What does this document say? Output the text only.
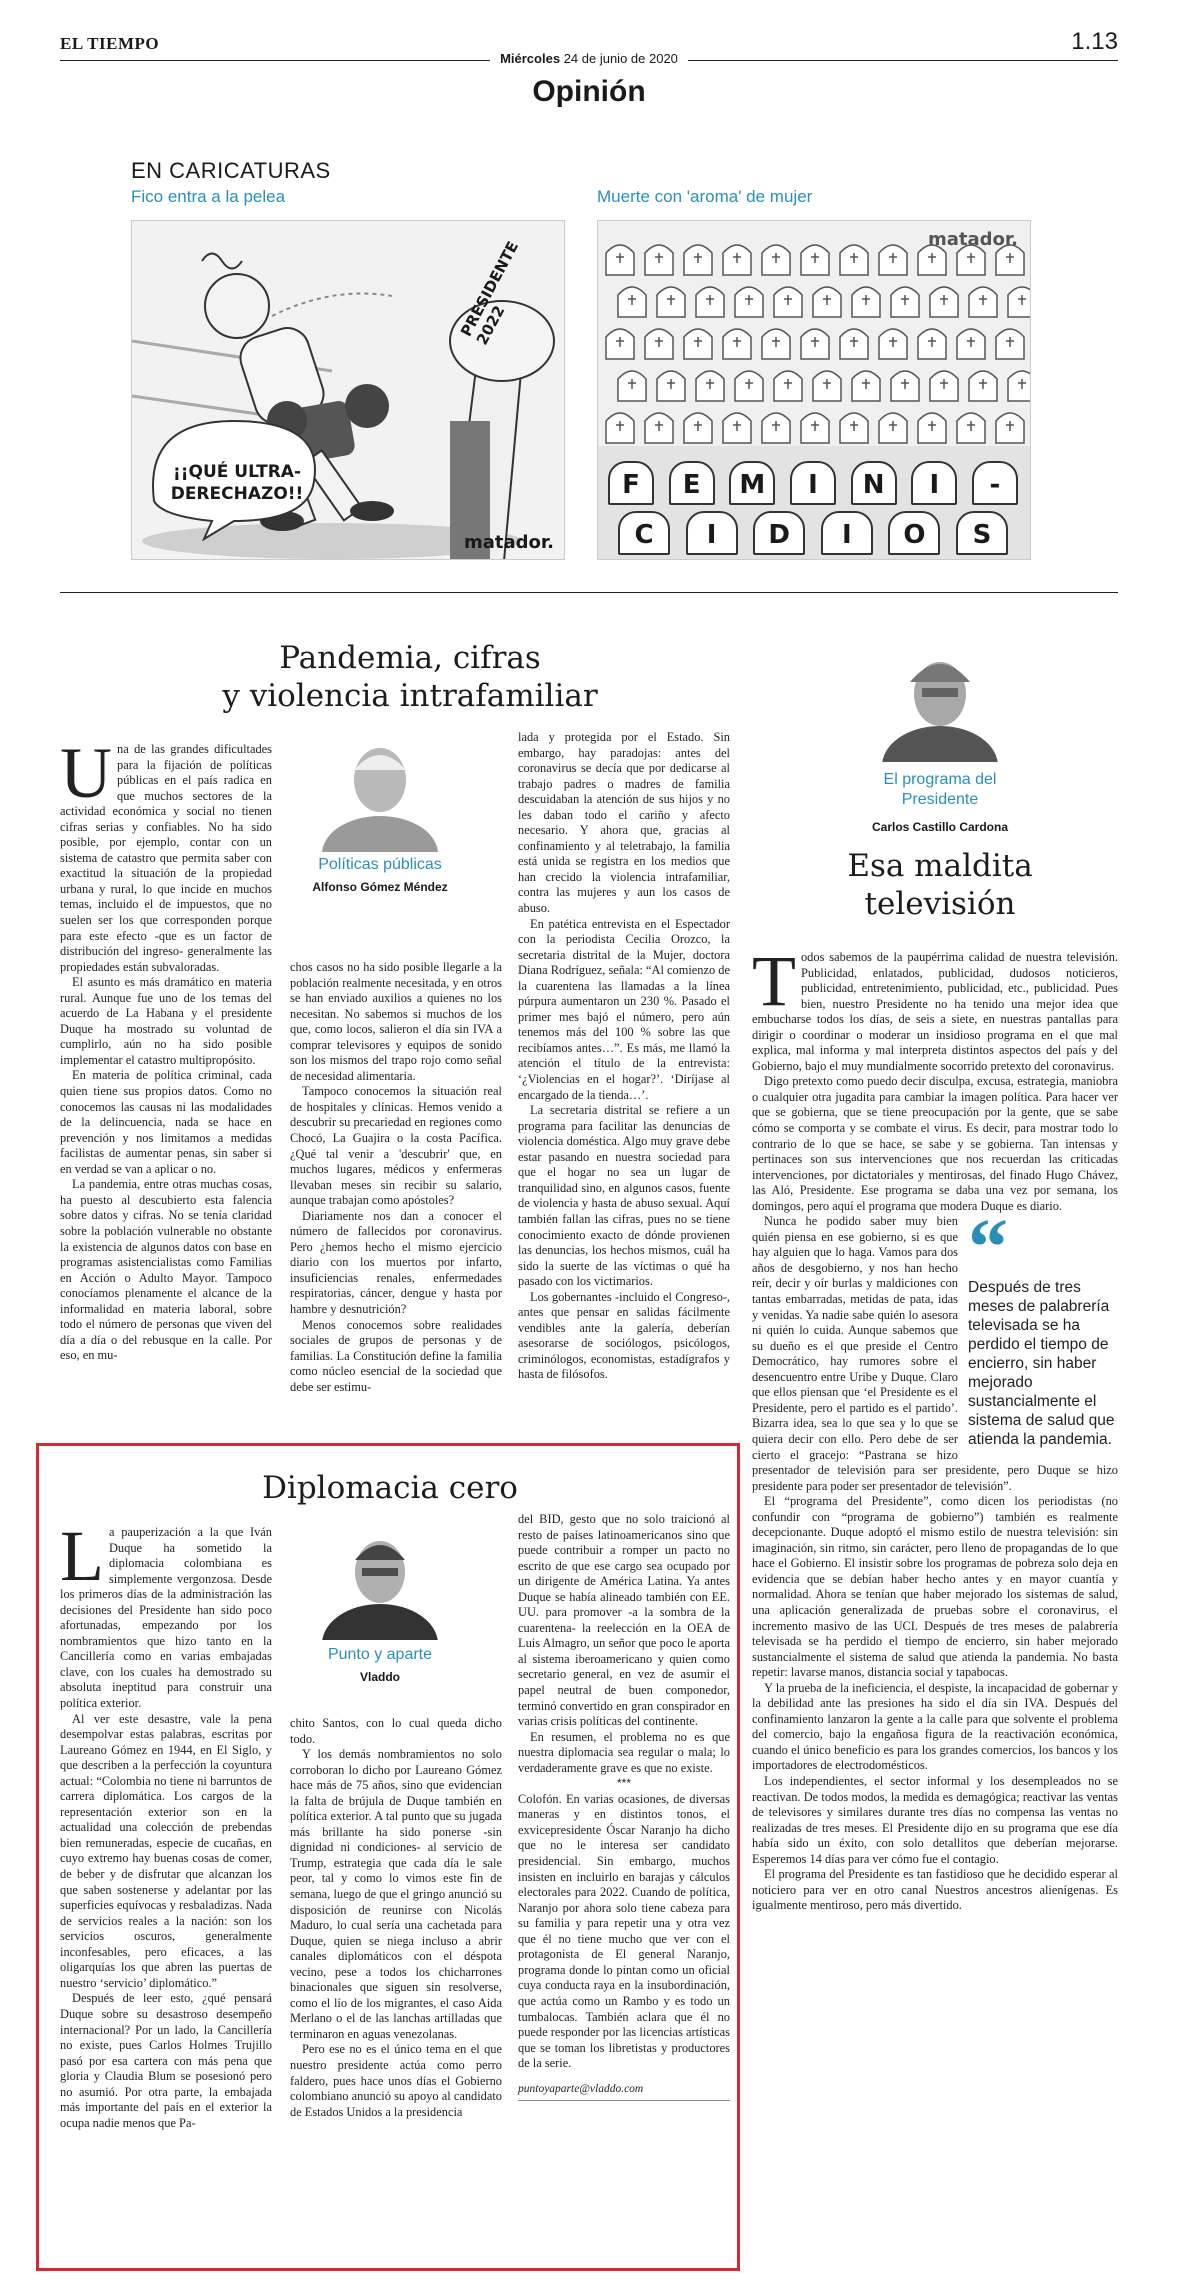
EL TIEMPO	1.13
Miércoles 24 de junio de 2020
Opinión
EN CARICATURAS
Fico entra a la pelea	Muerte con 'aroma' de mujer
¡¡QUÉ ULTRA-DERECHAZO!!
PRESIDENTE 2022
matador.
F	E	M	I	N	I	-
C	I	D	I	O	S
matador.
Pandemia, cifras
y violencia intrafamiliar
U na de las grandes dificultades para la fijación de políticas públicas en el país radica en que muchos sectores de la actividad económica y social no tienen cifras serias y confiables. No ha sido posible, por ejemplo, contar con un sistema de catastro que permita saber con exactitud la situación de la propiedad urbana y rural, lo que incide en muchos temas, incluido el de impuestos, que no suelen ser los que corresponden porque para este efecto -que es un factor de distribución del ingreso- generalmente las propiedades están subvaloradas.

El asunto es más dramático en materia rural. Aunque fue uno de los temas del acuerdo de La Habana y el presidente Duque ha mostrado su voluntad de cumplirlo, aún no ha sido posible implementar el catastro multipropósito.

En materia de política criminal, cada quien tiene sus propios datos. Como no conocemos las causas ni las modalidades de la delincuencia, nada se hace en prevención y nos limitamos a medidas facilistas de aumentar penas, sin saber si en verdad se van a aplicar o no.

La pandemia, entre otras muchas cosas, ha puesto al descubierto esta falencia sobre datos y cifras. No se tenía claridad sobre la población vulnerable no obstante la existencia de algunos datos con base en programas asistencialistas como Familias en Acción o Adulto Mayor. Tampoco conocíamos plenamente el alcance de la informalidad en materia laboral, sobre todo el número de personas que viven del día a día o del rebusque en la calle. Por eso, en mu-

Políticas públicas
Alfonso Gómez Méndez

chos casos no ha sido posible llegarle a la población realmente necesitada, y en otros se han enviado auxilios a quienes no los necesitan. No sabemos si muchos de los que, como locos, salieron el día sin IVA a comprar televisores y equipos de sonido son los mismos del trapo rojo como señal de necesidad alimentaria.

Tampoco conocemos la situación real de hospitales y clínicas. Hemos venido a descubrir su precariedad en regiones como Chocó, La Guajira o la costa Pacífica. ¿Qué tal venir a 'descubrir' que, en muchos lugares, médicos y enfermeras llevaban meses sin recibir su salario, aunque trabajan como apóstoles?

Diariamente nos dan a conocer el número de fallecidos por coronavirus. Pero ¿hemos hecho el mismo ejercicio diario con los muertos por infarto, insuficiencias renales, enfermedades respiratorias, cáncer, dengue y hasta por hambre y desnutrición?

Menos conocemos sobre realidades sociales de grupos de personas y de familias. La Constitución define la familia como núcleo esencial de la sociedad que debe ser estimu-

lada y protegida por el Estado. Sin embargo, hay paradojas: antes del coronavirus se decía que por dedicarse al trabajo padres o madres de familia descuidaban la atención de sus hijos y no les daban todo el cariño y afecto necesario. Y ahora que, gracias al confinamiento y al teletrabajo, la familia está unida se registra en los medios que han crecido la violencia intrafamiliar, contra las mujeres y aun los casos de abuso.

En patética entrevista en el Espectador con la periodista Cecilia Orozco, la secretaria distrital de la Mujer, doctora Diana Rodríguez, señala: “Al comienzo de la cuarentena las llamadas a la línea púrpura aumentaron un 230 %. Pasado el primer mes bajó el número, pero aún tenemos más del 100 % sobre las que recibíamos antes…”. Es más, me llamó la atención el título de la entrevista: ‘¿Violencias en el hogar?’. ‘Diríjase al encargado de la tienda…’.

La secretaria distrital se refiere a un programa para facilitar las denuncias de violencia doméstica. Algo muy grave debe estar pasando en nuestra sociedad para que el hogar no sea un lugar de tranquilidad sino, en algunos casos, fuente de violencia y hasta de abuso sexual. Aquí también fallan las cifras, pues no se tiene conocimiento exacto de dónde provienen las denuncias, los hechos mismos, cuál ha sido la suerte de las víctimas o qué ha pasado con los victimarios.

Los gobernantes -incluido el Congreso-, antes que pensar en salidas fácilmente vendibles ante la galería, deberían asesorarse de sociólogos, psicólogos, criminólogos, economistas, estadígrafos y hasta de filósofos.

El programa del
Presidente
Carlos Castillo Cardona
Esa maldita
televisión
T odos sabemos de la paupérrima calidad de nuestra televisión. Publicidad, enlatados, publicidad, dudosos noticieros, publicidad, entretenimiento, publicidad, etc., publicidad. Pues bien, nuestro Presidente no ha tenido una mejor idea que embucharse todos los días, de seis a siete, en nuestras pantallas para dirigir o coordinar o moderar un insidioso programa en el que mal explica, mal informa y mal interpreta distintos aspectos del país y del Gobierno, bajo el muy mundialmente socorrido pretexto del coronavirus.

Digo pretexto como puedo decir disculpa, excusa, estrategia, maniobra o cualquier otra jugadita para cambiar la imagen política. Para hacer ver que se gobierna, que se tiene preocupación por la gente, que se sabe cómo se comporta y se combate el virus. Es decir, para mostrar todo lo contrario de lo que se hace, se sabe y se gobierna. Tan intensas y pertinaces son sus intervenciones que nos recuerdan las criticadas intervenciones, por dictatoriales y mentirosas, del finado Hugo Chávez, las Aló, Presidente. Ese programa se daba una vez por semana, los domingos, pero aquí el programa que modera Duque es diario.

“
Después de tres meses de palabrería televisada se ha perdido el tiempo de encierro, sin haber mejorado sustancialmente el sistema de salud que atienda la pandemia.

Nunca he podido saber muy bien quién piensa en ese gobierno, si es que hay alguien que lo haga. Vamos para dos años de desgobierno, y nos han hecho reír, decir y oír burlas y maldiciones con tantas embarradas, metidas de pata, idas y venidas. Ya nadie sabe quién lo asesora ni quién lo cuida. Aunque sabemos que su dueño es el que preside el Centro Democrático, hay rumores sobre el desencuentro entre Uribe y Duque. Claro que ellos piensan que ‘el Presidente es el Presidente, pero el partido es el partido’. Bizarra idea, sea lo que sea y lo que se quiera decir con ello. Pero debe de ser cierto el gracejo: “Pastrana se hizo presentador de televisión para ser presidente, pero Duque se hizo presidente para poder ser presentador de televisión”.

El “programa del Presidente”, como dicen los periodistas (no confundir con “programa de gobierno”) también es realmente decepcionante. Duque adoptó el mismo estilo de nuestra televisión: sin imaginación, sin ritmo, sin carácter, pero lleno de propagandas de lo que hace el Gobierno. El insistir sobre los programas de pobreza solo deja en evidencia que se debían haber hecho antes y en mayor cuantía y normalidad. Ahora se tenían que haber mejorado los sistemas de salud, una aplicación generalizada de pruebas sobre el coronavirus, el incremento masivo de las UCI. Después de tres meses de palabrería televisada se ha perdido el tiempo de encierro, sin haber mejorado sustancialmente el sistema de salud que atienda la pandemia. No basta repetir: lavarse manos, distancia social y tapabocas.

Y la prueba de la ineficiencia, el despiste, la incapacidad de gobernar y la debilidad ante las presiones ha sido el día sin IVA. Después del confinamiento lanzaron la gente a la calle para que solvente el problema del comercio, bajo la engañosa figura de la reactivación económica, cuando el único beneficio es para los grandes comercios, los bancos y los importadores de electrodomésticos.

Los independientes, el sector informal y los desempleados no se reactivan. De todos modos, la medida es demagógica; reactivar las ventas de televisores y similares durante tres días no compensa las ventas no realizadas de tres meses. El Presidente dijo en su programa que ese día había sido un éxito, con solo detallitos que deberían mejorarse. Esperemos 14 días para ver cómo fue el contagio.

El programa del Presidente es tan fastidioso que he decidido esperar al noticiero para ver en otro canal Nuestros ancestros alienígenas. Es igualmente mentiroso, pero más divertido.

Diplomacia cero
L a pauperización a la que Iván Duque ha sometido la diplomacia colombiana es simplemente vergonzosa. Desde los primeros días de la administración las decisiones del Presidente han sido poco afortunadas, empezando por los nombramientos que hizo tanto en la Cancillería como en varias embajadas clave, con los cuales ha demostrado su absoluta ineptitud para construir una política exterior.

Al ver este desastre, vale la pena desempolvar estas palabras, escritas por Laureano Gómez en 1944, en El Siglo, y que describen a la perfección la coyuntura actual: “Colombia no tiene ni barruntos de carrera diplomática. Los cargos de la representación exterior son en la actualidad una colección de prebendas bien remuneradas, especie de cucañas, en cuyo extremo hay buenas cosas de comer, de beber y de disfrutar que alcanzan los que saben sostenerse y adelantar por las superficies equívocas y resbaladizas. Nada de servicios reales a la nación: son los servicios oscuros, generalmente inconfesables, pero eficaces, a las oligarquías los que abren las puertas de nuestro ‘servicio’ diplomático.”

Después de leer esto, ¿qué pensará Duque sobre su desastroso desempeño internacional? Por un lado, la Cancillería no existe, pues Carlos Holmes Trujillo pasó por esa cartera con más pena que gloria y Claudia Blum se posesionó pero no asumió. Por otra parte, la embajada más importante del país en el exterior la ocupa nadie menos que Pa-

Punto y aparte
Vladdo

chito Santos, con lo cual queda dicho todo.

Y los demás nombramientos no solo corroboran lo dicho por Laureano Gómez hace más de 75 años, sino que evidencian la falta de brújula de Duque también en política exterior. A tal punto que su jugada más brillante ha sido ponerse -sin dignidad ni condiciones- al servicio de Trump, estrategia que cada día le sale peor, tal y como lo vimos este fin de semana, luego de que el gringo anunció su disposición de reunirse con Nicolás Maduro, lo cual sería una cachetada para Duque, quien se niega incluso a abrir canales diplomáticos con el déspota vecino, pese a todos los chicharrones binacionales que siguen sin resolverse, como el lío de los migrantes, el caso Aida Merlano o el de las lanchas artilladas que terminaron en aguas venezolanas.

Pero ese no es el único tema en el que nuestro presidente actúa como perro faldero, pues hace unos días el Gobierno colombiano anunció su apoyo al candidato de Estados Unidos a la presidencia

del BID, gesto que no solo traicionó al resto de países latinoamericanos sino que puede contribuir a romper un pacto no escrito de que ese cargo sea ocupado por un dirigente de América Latina. Ya antes Duque se había alineado también con EE. UU. para promover -a la sombra de la cuarentena- la reelección en la OEA de Luis Almagro, un señor que poco le aporta al sistema iberoamericano y quien como secretario general, en vez de asumir el papel neutral de buen componedor, terminó convertido en gran conspirador en varias crisis políticas del continente.

En resumen, el problema no es que nuestra diplomacia sea regular o mala; lo verdaderamente grave es que no existe.

***

Colofón. En varias ocasiones, de diversas maneras y en distintos tonos, el exvicepresidente Óscar Naranjo ha dicho que no le interesa ser candidato presidencial. Sin embargo, muchos insisten en incluirlo en barajas y cálculos electorales para 2022. Cuando de política, Naranjo por ahora solo tiene cabeza para su familia y para repetir una y otra vez que él no tiene mucho que ver con el protagonista de El general Naranjo, programa donde lo pintan como un oficial cuya conducta raya en la insubordinación, que actúa como un Rambo y es todo un tumbalocas. También aclara que él no puede responder por las licencias artísticas que se toman los libretistas y productores de la serie.

puntoyaparte@vladdo.com
